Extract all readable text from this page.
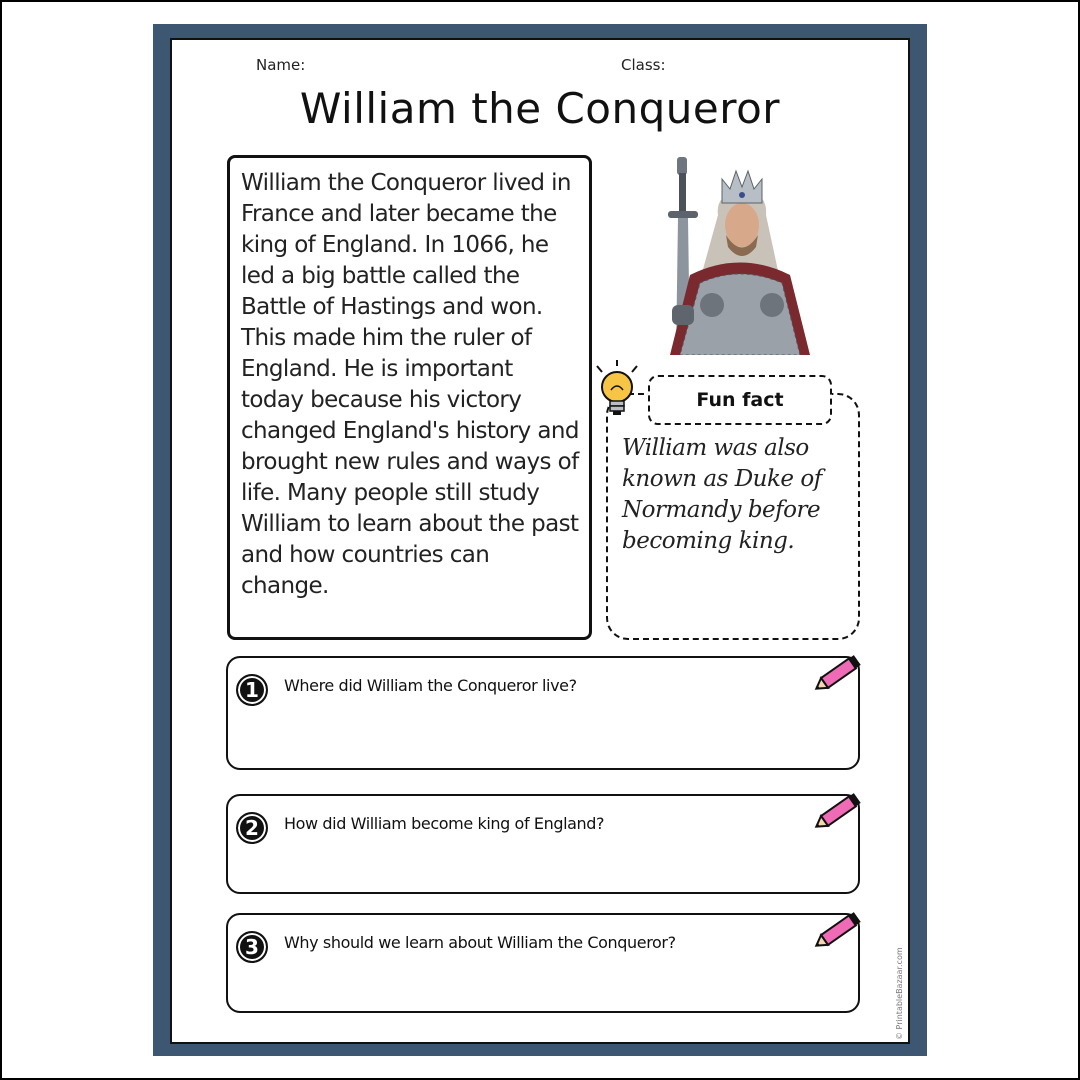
Name:	Class:
William the Conqueror
William the Conqueror lived in France and later became the king of England. In 1066, he led a big battle called the Battle of Hastings and won. This made him the ruler of England. He is important today because his victory changed England's history and brought new rules and ways of life. Many people still study William to learn about the past and how countries can change.
Fun fact
William was also known as Duke of Normandy before becoming king.
1	Where did William the Conqueror live?
2	How did William become king of England?
3	Why should we learn about William the Conqueror?
© PrintableBazaar.com
